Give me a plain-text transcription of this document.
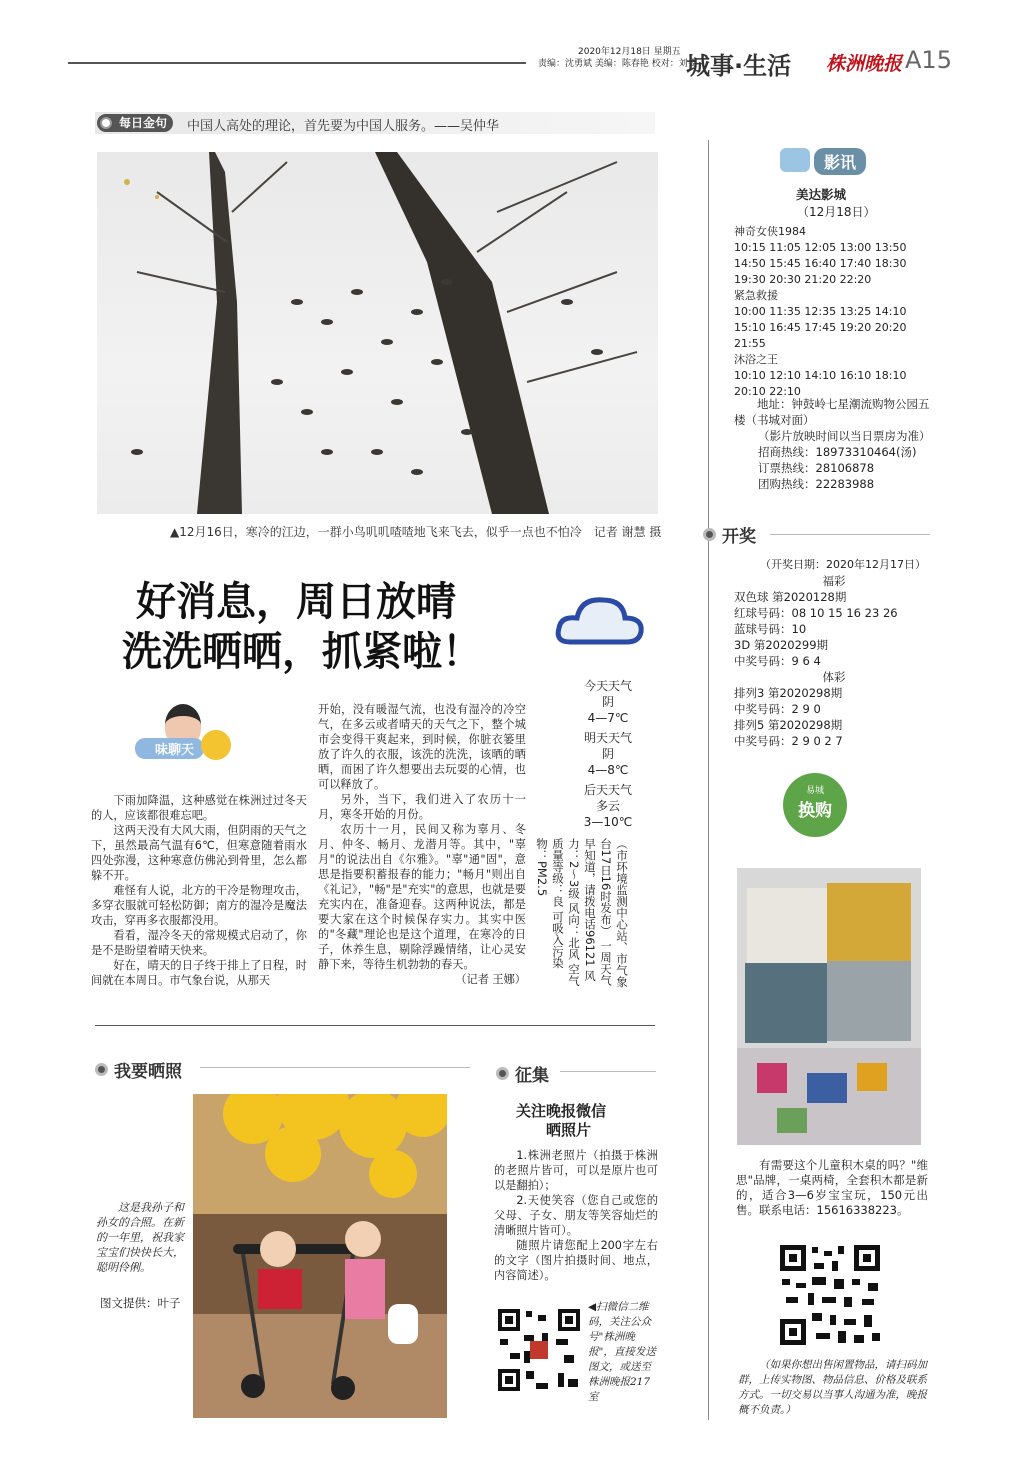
2020年12月18日 星期五
责编：沈勇斌 美编：陈春艳 校对：刘旻
城事·生活 株洲晚报 A15
每日金句	中国人高处的理论，首先要为中国人服务。——吴仲华
▲12月16日，寒冷的江边，一群小鸟叽叽喳喳地飞来飞去，似乎一点也不怕冷　记者 谢慧 摄
好消息，周日放晴
洗洗晒晒，抓紧啦！
味聊天

下雨加降温，这种感觉在株洲过过冬天的人，应该都很难忘吧。

这两天没有大风大雨，但阴雨的天气之下，虽然最高气温有6℃，但寒意随着雨水四处弥漫，这种寒意仿佛沁到骨里，怎么都躲不开。

难怪有人说，北方的干冷是物理攻击，多穿衣服就可轻松防御；南方的湿冷是魔法攻击，穿再多衣服都没用。

看看，湿冷冬天的常规模式启动了，你是不是盼望着晴天快来。

好在，晴天的日子终于排上了日程，时间就在本周日。市气象台说，从那天

开始，没有暖湿气流，也没有湿冷的冷空气，在多云或者晴天的天气之下，整个城市会变得干爽起来，到时候，你脏衣篓里放了许久的衣服，该洗的洗洗，该晒的晒晒，而困了许久想要出去玩耍的心情，也可以释放了。

另外，当下，我们进入了农历十一月，寒冬开始的月份。

农历十一月，民间又称为辜月、冬月、仲冬、畅月、龙潜月等。其中，"辜月"的说法出自《尔雅》。"辜"通"固"，意思是指要积蓄报春的能力；"畅月"则出自《礼记》，"畅"是"充实"的意思，也就是要充实内在，准备迎春。这两种说法，都是要大家在这个时候保存实力。其实中医的"冬藏"理论也是这个道理，在寒冷的日子，休养生息，剔除浮躁情绪，让心灵安静下来，等待生机勃勃的春天。

（记者 王娜）

今天天气
阴
4—7℃
明天天气
阴
4—8℃
后天天气
多云
3—10℃
（市环境监测中心站、市气象台17日16时发布） 一周天气早知道，请拨电话96121 风力：2～3级 风向：北风 空气质量等级：良 可吸入污染物：PM2.5
影讯
美达影城
（12月18日）
神奇女侠1984
10:15 11:05 12:05 13:00 13:50 14:50 15:45 16:40 17:40 18:30 19:30 20:30 21:20 22:20
紧急救援
10:00 11:35 12:35 13:25 14:10 15:10 16:45 17:45 19:20 20:20 21:55
沐浴之王
10:10 12:10 14:10 16:10 18:10 20:10 22:10
地址：钟鼓岭七星潮流购物公园五楼（书城对面）
（影片放映时间以当日票房为准）
招商热线：18973310464(汤)
订票热线：28106878
团购热线：22283988
开奖
（开奖日期：2020年12月17日）
福彩
双色球 第2020128期
红球号码：08 10 15 16 23 26
蓝球号码：10
3D 第2020299期
中奖号码：9 6 4
体彩
排列3 第2020298期
中奖号码：2 9 0
排列5 第2020298期
中奖号码：2 9 0 2 7
易城
换购
有需要这个儿童积木桌的吗？"维思"品牌，一桌两椅，全套积木都是新的，适合3—6岁宝宝玩，150元出售。联系电话：15616338223。
（如果你想出售闲置物品，请扫码加群，上传实物图、物品信息、价格及联系方式。一切交易以当事人沟通为准，晚报概不负责。）
我要晒照
这是我孙子和孙女的合照。在新的一年里，祝我家宝宝们快快长大，聪明伶俐。
图文提供：叶子
征集
关注晚报微信
晒照片

1.株洲老照片（拍摄于株洲的老照片皆可，可以是原片也可以是翻拍）；

2.天使笑容（您自己或您的父母、子女、朋友等笑容灿烂的清晰照片皆可）。

随照片请您配上200字左右的文字（图片拍摄时间、地点，内容简述）。

◀扫微信二维码，关注公众号"株洲晚报"，直接发送图文，或送至株洲晚报217室
